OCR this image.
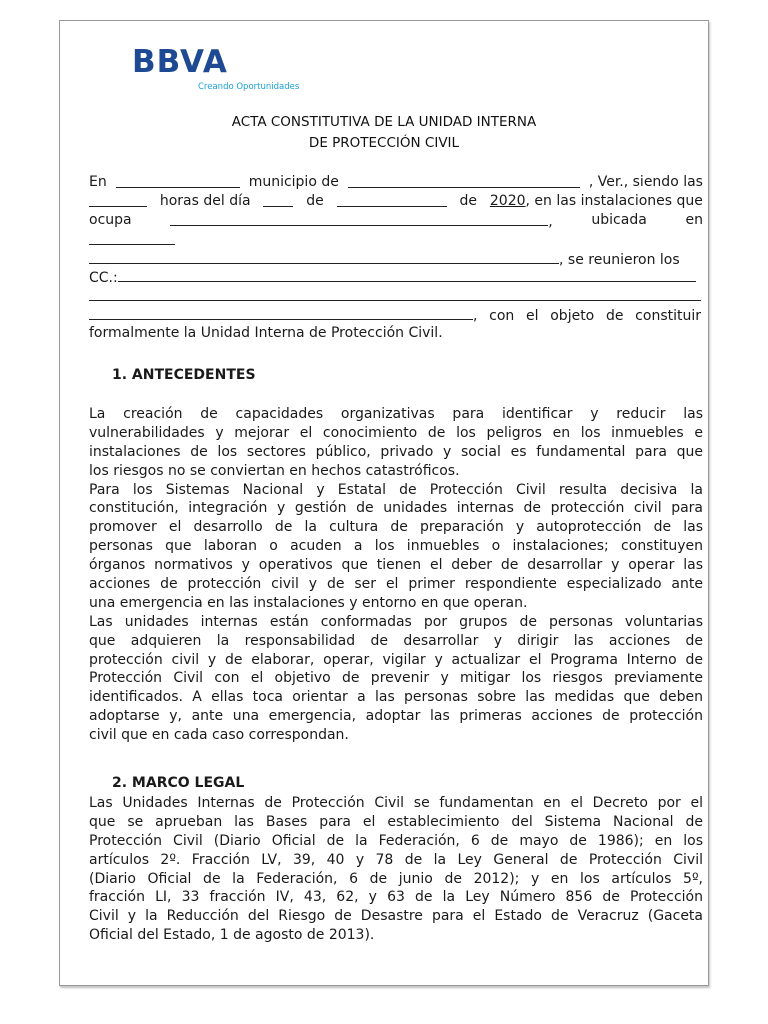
BBVA
Creando Oportunidades
ACTA CONSTITUTIVA DE LA UNIDAD INTERNA
DE PROTECCIÓN CIVIL
En	municipio de	, Ver., siendo las
horas del día	de	de 2020, en las instalaciones que
ocupa	,	ubicada	en
, se reunieron los
CC.:
, con el objeto de constituir
formalmente la Unidad Interna de Protección Civil.
1. ANTECEDENTES
La creación de capacidades organizativas para identificar y reducir las
vulnerabilidades y mejorar el conocimiento de los peligros en los inmuebles e
instalaciones de los sectores público, privado y social es fundamental para que
los riesgos no se conviertan en hechos catastróficos.
Para los Sistemas Nacional y Estatal de Protección Civil resulta decisiva la
constitución, integración y gestión de unidades internas de protección civil para
promover el desarrollo de la cultura de preparación y autoprotección de las
personas que laboran o acuden a los inmuebles o instalaciones; constituyen
órganos normativos y operativos que tienen el deber de desarrollar y operar las
acciones de protección civil y de ser el primer respondiente especializado ante
una emergencia en las instalaciones y entorno en que operan.
Las unidades internas están conformadas por grupos de personas voluntarias
que adquieren la responsabilidad de desarrollar y dirigir las acciones de
protección civil y de elaborar, operar, vigilar y actualizar el Programa Interno de
Protección Civil con el objetivo de prevenir y mitigar los riesgos previamente
identificados. A ellas toca orientar a las personas sobre las medidas que deben
adoptarse y, ante una emergencia, adoptar las primeras acciones de protección
civil que en cada caso correspondan.
2. MARCO LEGAL
Las Unidades Internas de Protección Civil se fundamentan en el Decreto por el
que se aprueban las Bases para el establecimiento del Sistema Nacional de
Protección Civil (Diario Oficial de la Federación, 6 de mayo de 1986); en los
artículos 2º. Fracción LV, 39, 40 y 78 de la Ley General de Protección Civil
(Diario Oficial de la Federación, 6 de junio de 2012); y en los artículos 5º,
fracción LI, 33 fracción IV, 43, 62, y 63 de la Ley Número 856 de Protección
Civil y la Reducción del Riesgo de Desastre para el Estado de Veracruz (Gaceta
Oficial del Estado, 1 de agosto de 2013).
